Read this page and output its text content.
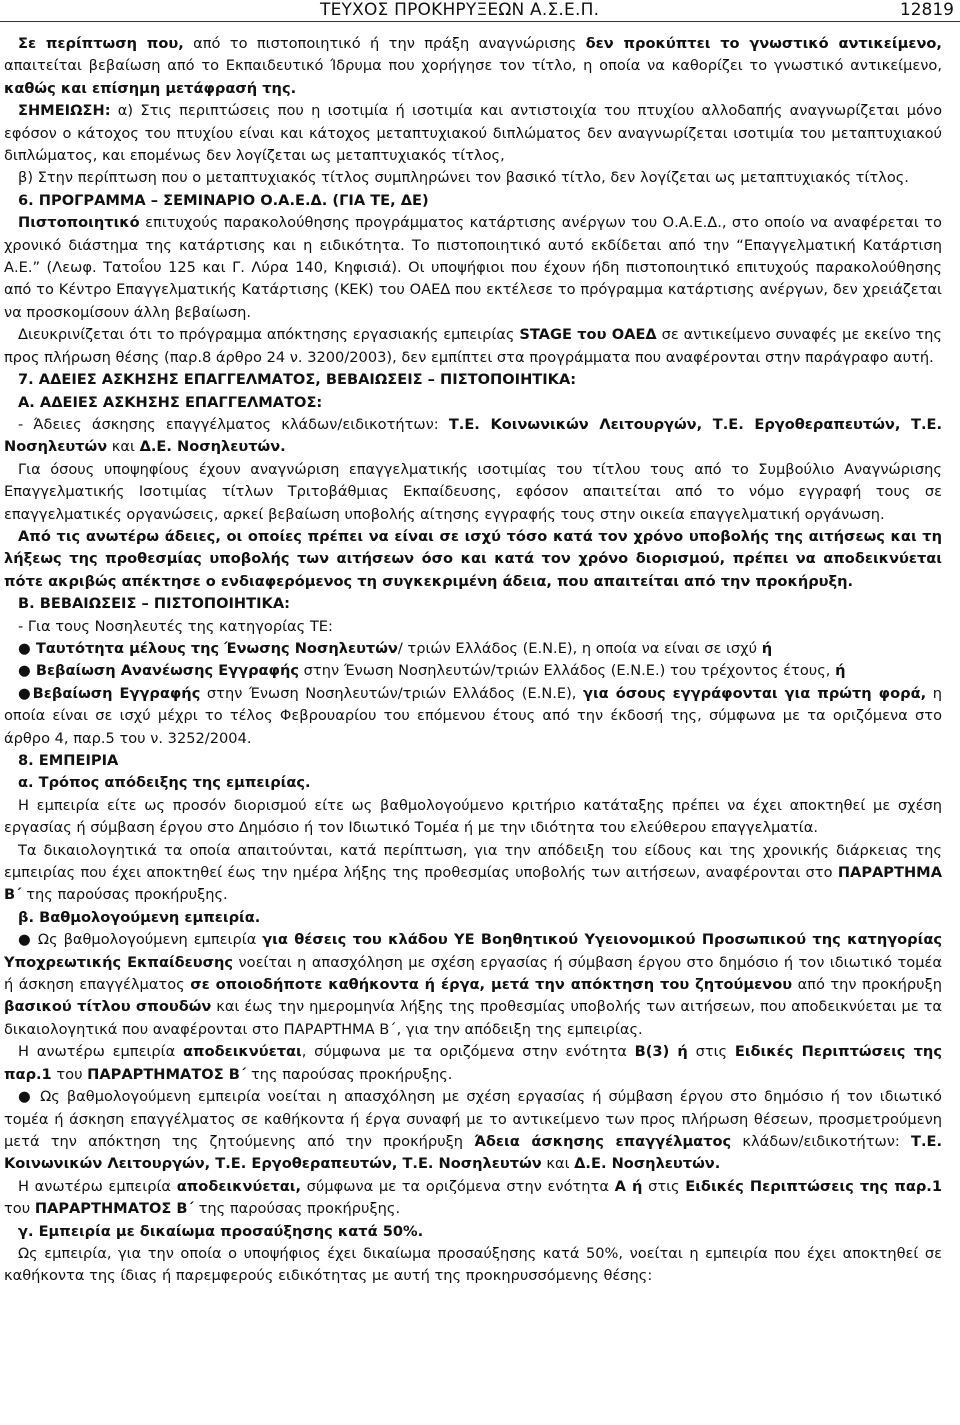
ΤΕΥΧΟΣ ΠΡΟΚΗΡΥΞΕΩΝ Α.Σ.Ε.Π.	12819

Σε περίπτωση που, από το πιστοποιητικό ή την πράξη αναγνώρισης δεν προκύπτει το γνωστικό αντικείμενο, απαιτείται βεβαίωση από το Εκπαιδευτικό Ίδρυμα που χορήγησε τον τίτλο, η οποία να καθορίζει το γνωστικό αντικείμενο, καθώς και επίσημη μετάφρασή της.

ΣΗΜΕΙΩΣΗ: α) Στις περιπτώσεις που η ισοτιμία ή ισοτιμία και αντιστοιχία του πτυχίου αλλοδαπής αναγνωρίζεται μόνο εφόσον ο κάτοχος του πτυχίου είναι και κάτοχος μεταπτυχιακού διπλώματος δεν αναγνωρίζεται ισοτιμία του μεταπτυχιακού διπλώματος, και επομένως δεν λογίζεται ως μεταπτυχιακός τίτλος,

β) Στην περίπτωση που ο μεταπτυχιακός τίτλος συμπληρώνει τον βασικό τίτλο, δεν λογίζεται ως μεταπτυχιακός τίτλος.

6. ΠΡΟΓΡΑΜΜΑ – ΣΕΜΙΝΑΡΙΟ Ο.Α.Ε.Δ. (ΓΙΑ ΤΕ, ΔΕ)

Πιστοποιητικό επιτυχούς παρακολούθησης προγράμματος κατάρτισης ανέργων του Ο.Α.Ε.Δ., στο οποίο να αναφέρεται το χρονικό διάστημα της κατάρτισης και η ειδικότητα. Το πιστοποιητικό αυτό εκδίδεται από την “Επαγγελματική Κατάρτιση Α.Ε.” (Λεωφ. Τατοΐου 125 και Γ. Λύρα 140, Κηφισιά). Οι υποψήφιοι που έχουν ήδη πιστοποιητικό επιτυχούς παρακολούθησης από το Κέντρο Επαγγελματικής Κατάρτισης (ΚΕΚ) του ΟΑΕΔ που εκτέλεσε το πρόγραμμα κατάρτισης ανέργων, δεν χρειάζεται να προσκομίσουν άλλη βεβαίωση.

Διευκρινίζεται ότι το πρόγραμμα απόκτησης εργασιακής εμπειρίας STAGE του ΟΑΕΔ σε αντικείμενο συναφές με εκείνο της προς πλήρωση θέσης (παρ.8 άρθρο 24 ν. 3200/2003), δεν εμπίπτει στα προγράμματα που αναφέρονται στην παράγραφο αυτή.

7. ΑΔΕΙΕΣ ΑΣΚΗΣΗΣ ΕΠΑΓΓΕΛΜΑΤΟΣ, ΒΕΒΑΙΩΣΕΙΣ – ΠΙΣΤΟΠΟΙΗΤΙΚΑ:

Α. ΑΔΕΙΕΣ ΑΣΚΗΣΗΣ ΕΠΑΓΓΕΛΜΑΤΟΣ:

- Άδειες άσκησης επαγγέλματος κλάδων/ειδικοτήτων: Τ.Ε. Κοινωνικών Λειτουργών, Τ.Ε. Εργοθεραπευτών, Τ.Ε. Νοσηλευτών και Δ.Ε. Νοσηλευτών.

Για όσους υποψηφίους έχουν αναγνώριση επαγγελματικής ισοτιμίας του τίτλου τους από το Συμβούλιο Αναγνώρισης Επαγγελματικής Ισοτιμίας τίτλων Τριτοβάθμιας Εκπαίδευσης, εφόσον απαιτείται από το νόμο εγγραφή τους σε επαγγελματικές οργανώσεις, αρκεί βεβαίωση υποβολής αίτησης εγγραφής τους στην οικεία επαγγελματική οργάνωση.

Από τις ανωτέρω άδειες, οι οποίες πρέπει να είναι σε ισχύ τόσο κατά τον χρόνο υποβολής της αιτήσεως και τη λήξεως της προθεσμίας υποβολής των αιτήσεων όσο και κατά τον χρόνο διορισμού, πρέπει να αποδεικνύεται πότε ακριβώς απέκτησε ο ενδιαφερόμενος τη συγκεκριμένη άδεια, που απαιτείται από την προκήρυξη.

Β. ΒΕΒΑΙΩΣΕΙΣ – ΠΙΣΤΟΠΟΙΗΤΙΚΑ:

- Για τους Νοσηλευτές της κατηγορίας ΤΕ:

● Ταυτότητα μέλους της Ένωσης Νοσηλευτών/ τριών Ελλάδος (Ε.Ν.Ε), η οποία να είναι σε ισχύ ή

● Βεβαίωση Ανανέωσης Εγγραφής στην Ένωση Νοσηλευτών/τριών Ελλάδος (Ε.Ν.Ε.) του τρέχοντος έτους, ή

●Βεβαίωση Εγγραφής στην Ένωση Νοσηλευτών/τριών Ελλάδος (Ε.Ν.Ε), για όσους εγγράφονται για πρώτη φορά, η οποία είναι σε ισχύ μέχρι το τέλος Φεβρουαρίου του επόμενου έτους από την έκδοσή της, σύμφωνα με τα οριζόμενα στο άρθρο 4, παρ.5 του ν. 3252/2004.

8. ΕΜΠΕΙΡΙΑ

α. Τρόπος απόδειξης της εμπειρίας.

Η εμπειρία είτε ως προσόν διορισμού είτε ως βαθμολογούμενο κριτήριο κατάταξης πρέπει να έχει αποκτηθεί με σχέση εργασίας ή σύμβαση έργου στο Δημόσιο ή τον Ιδιωτικό Τομέα ή με την ιδιότητα του ελεύθερου επαγγελματία.

Τα δικαιολογητικά τα οποία απαιτούνται, κατά περίπτωση, για την απόδειξη του είδους και της χρονικής διάρκειας της εμπειρίας που έχει αποκτηθεί έως την ημέρα λήξης της προθεσμίας υποβολής των αιτήσεων, αναφέρονται στο ΠΑΡΑΡΤΗΜΑ Β΄ της παρούσας προκήρυξης.

β. Βαθμολογούμενη εμπειρία.

● Ως βαθμολογούμενη εμπειρία για θέσεις του κλάδου ΥΕ Βοηθητικού Υγειονομικού Προσωπικού της κατηγορίας Υποχρεωτικής Εκπαίδευσης νοείται η απασχόληση με σχέση εργασίας ή σύμβαση έργου στο δημόσιο ή τον ιδιωτικό τομέα ή άσκηση επαγγέλματος σε οποιοδήποτε καθήκοντα ή έργα, μετά την απόκτηση του ζητούμενου από την προκήρυξη βασικού τίτλου σπουδών και έως την ημερομηνία λήξης της προθεσμίας υποβολής των αιτήσεων, που αποδεικνύεται με τα δικαιολογητικά που αναφέρονται στο ΠΑΡΑΡΤΗΜΑ Β΄, για την απόδειξη της εμπειρίας.

Η ανωτέρω εμπειρία αποδεικνύεται, σύμφωνα με τα οριζόμενα στην ενότητα Β(3) ή στις Ειδικές Περιπτώσεις της παρ.1 του ΠΑΡΑΡΤΗΜΑΤΟΣ Β΄ της παρούσας προκήρυξης.

● Ως βαθμολογούμενη εμπειρία νοείται η απασχόληση με σχέση εργασίας ή σύμβαση έργου στο δημόσιο ή τον ιδιωτικό τομέα ή άσκηση επαγγέλματος σε καθήκοντα ή έργα συναφή με το αντικείμενο των προς πλήρωση θέσεων, προσμετρούμενη μετά την απόκτηση της ζητούμενης από την προκήρυξη Άδεια άσκησης επαγγέλματος κλάδων/ειδικοτήτων: Τ.Ε. Κοινωνικών Λειτουργών, Τ.Ε. Εργοθεραπευτών, Τ.Ε. Νοσηλευτών και Δ.Ε. Νοσηλευτών.

Η ανωτέρω εμπειρία αποδεικνύεται, σύμφωνα με τα οριζόμενα στην ενότητα Α ή στις Ειδικές Περιπτώσεις της παρ.1 του ΠΑΡΑΡΤΗΜΑΤΟΣ Β΄ της παρούσας προκήρυξης.

γ. Εμπειρία με δικαίωμα προσαύξησης κατά 50%.

Ως εμπειρία, για την οποία ο υποψήφιος έχει δικαίωμα προσαύξησης κατά 50%, νοείται η εμπειρία που έχει αποκτηθεί σε καθήκοντα της ίδιας ή παρεμφερούς ειδικότητας με αυτή της προκηρυσσόμενης θέσης:
